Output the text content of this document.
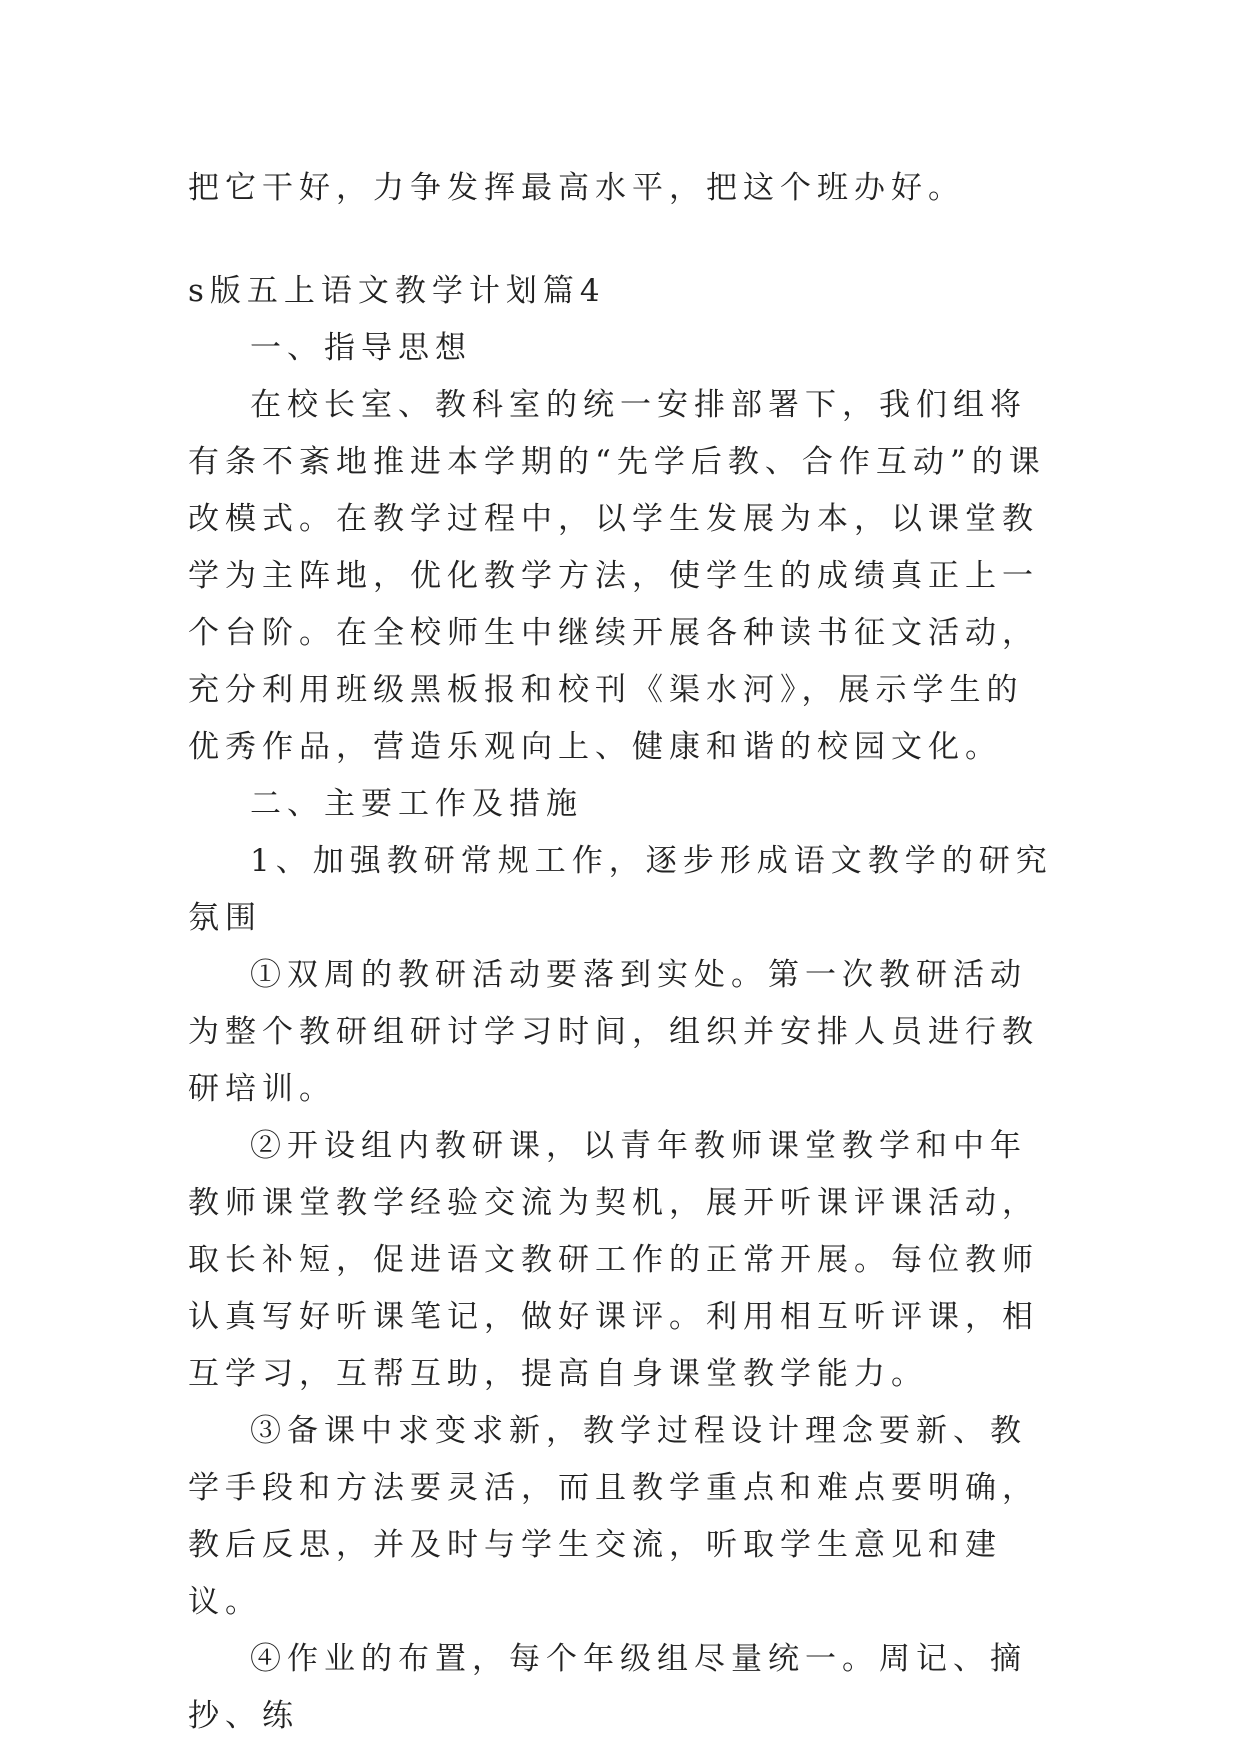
把它干好，力争发挥最高水平，把这个班办好。

s版五上语文教学计划篇4

一、指导思想

在校长室、教科室的统一安排部署下，我们组将有条不紊地推进本学期的“先学后教、合作互动”的课改模式。在教学过程中，以学生发展为本，以课堂教学为主阵地，优化教学方法，使学生的成绩真正上一个台阶。在全校师生中继续开展各种读书征文活动，充分利用班级黑板报和校刊《渠水河》，展示学生的优秀作品，营造乐观向上、健康和谐的校园文化。

二、主要工作及措施

1、加强教研常规工作，逐步形成语文教学的研究氛围

①双周的教研活动要落到实处。第一次教研活动为整个教研组研讨学习时间，组织并安排人员进行教研培训。

②开设组内教研课，以青年教师课堂教学和中年教师课堂教学经验交流为契机，展开听课评课活动，取长补短，促进语文教研工作的正常开展。每位教师认真写好听课笔记，做好课评。利用相互听评课，相互学习，互帮互助，提高自身课堂教学能力。

③备课中求变求新，教学过程设计理念要新、教学手段和方法要灵活，而且教学重点和难点要明确，教后反思，并及时与学生交流，听取学生意见和建议。

④作业的布置，每个年级组尽量统一。周记、摘抄、练
